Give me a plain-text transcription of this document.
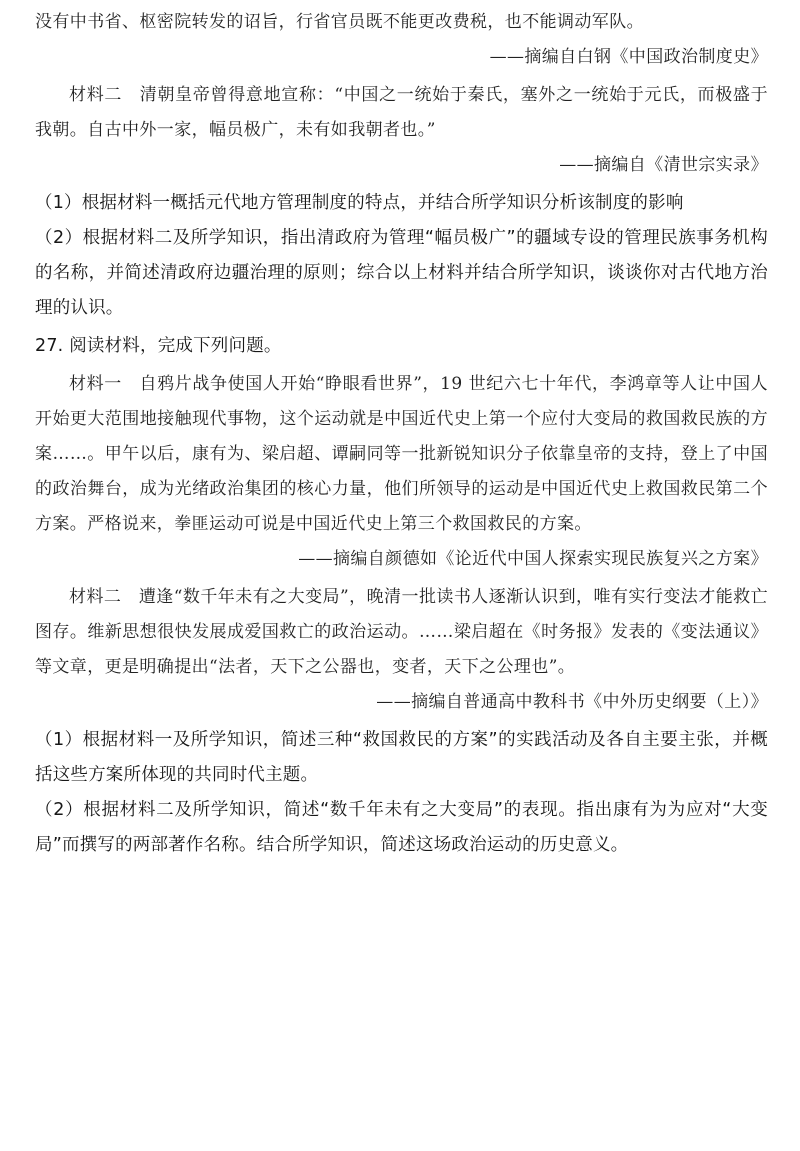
没有中书省、枢密院转发的诏旨，行省官员既不能更改费税，也不能调动军队。

——摘编自白钢《中国政治制度史》

材料二　清朝皇帝曾得意地宣称：“中国之一统始于秦氏，塞外之一统始于元氏，而极盛于我朝。自古中外一家，幅员极广，未有如我朝者也。”

——摘编自《清世宗实录》

（1）根据材料一概括元代地方管理制度的特点，并结合所学知识分析该制度的影响

（2）根据材料二及所学知识，指出清政府为管理“幅员极广”的疆域专设的管理民族事务机构的名称，并简述清政府边疆治理的原则；综合以上材料并结合所学知识，谈谈你对古代地方治理的认识。

27. 阅读材料，完成下列问题。

材料一　自鸦片战争使国人开始“睁眼看世界”，19 世纪六七十年代，李鸿章等人让中国人开始更大范围地接触现代事物，这个运动就是中国近代史上第一个应付大变局的救国救民族的方案……。甲午以后，康有为、梁启超、谭嗣同等一批新锐知识分子依靠皇帝的支持，登上了中国的政治舞台，成为光绪政治集团的核心力量，他们所领导的运动是中国近代史上救国救民第二个方案。严格说来，拳匪运动可说是中国近代史上第三个救国救民的方案。

——摘编自颜德如《论近代中国人探索实现民族复兴之方案》

材料二　遭逢“数千年未有之大变局”，晚清一批读书人逐渐认识到，唯有实行变法才能救亡图存。维新思想很快发展成爱国救亡的政治运动。……梁启超在《时务报》发表的《变法通议》等文章，更是明确提出“法者，天下之公器也，变者，天下之公理也”。

——摘编自普通高中教科书《中外历史纲要（上）》

（1）根据材料一及所学知识，简述三种“救国救民的方案”的实践活动及各自主要主张，并概括这些方案所体现的共同时代主题。

（2）根据材料二及所学知识，简述“数千年未有之大变局”的表现。指出康有为为应对“大变局”而撰写的两部著作名称。结合所学知识，简述这场政治运动的历史意义。
